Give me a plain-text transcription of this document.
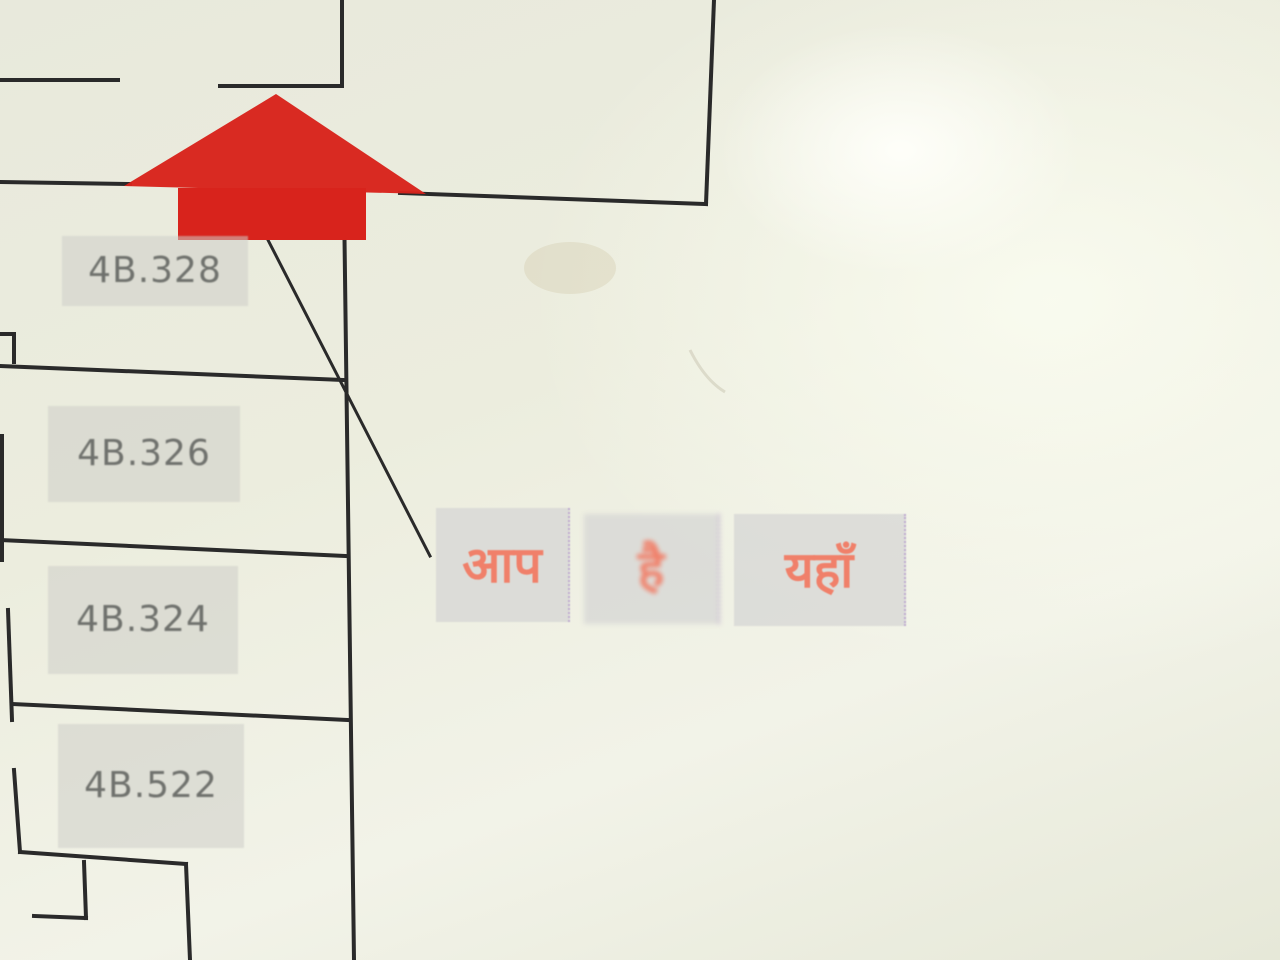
4B.328
4B.326
4B.324
4B.522
आप	है	यहाँ
